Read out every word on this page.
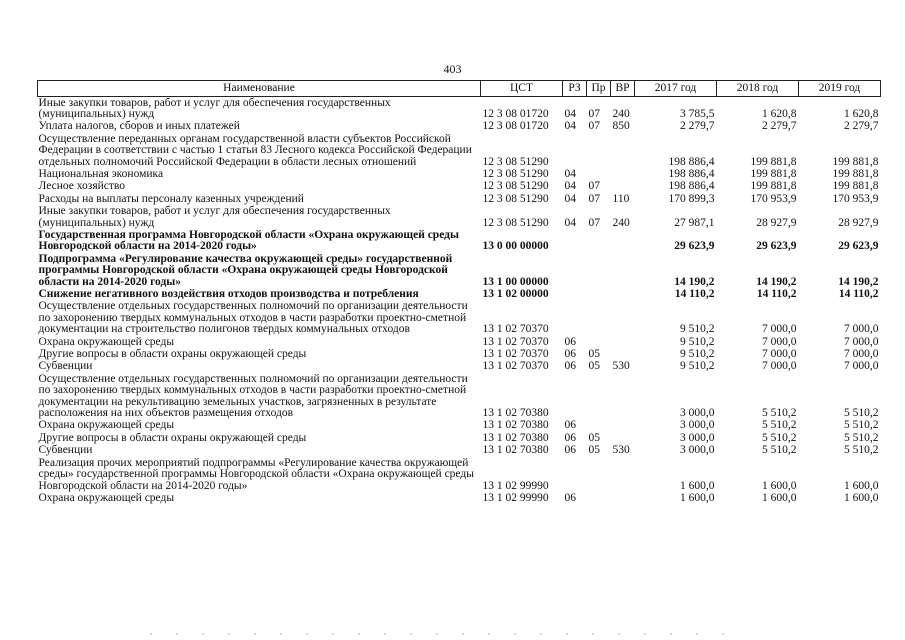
403
Наименование	ЦСТ	РЗ	Пр	ВР	2017 год	2018 год	2019 год
Иные закупки товаров, работ и услуг для обеспечения государственных (муниципальных) нужд	12 3 08 01720	04	07	240	3 785,5	1 620,8	1 620,8
Уплата налогов, сборов и иных платежей	12 3 08 01720	04	07	850	2 279,7	2 279,7	2 279,7
Осуществление переданных органам государственной власти субъектов Российской Федерации в соответствии с частью 1 статьи 83 Лесного кодекса Российской Федерации отдельных полномочий Российской Федерации в области лесных отношений	12 3 08 51290				198 886,4	199 881,8	199 881,8
Национальная экономика	12 3 08 51290	04			198 886,4	199 881,8	199 881,8
Лесное хозяйство	12 3 08 51290	04	07		198 886,4	199 881,8	199 881,8
Расходы на выплаты персоналу казенных учреждений	12 3 08 51290	04	07	110	170 899,3	170 953,9	170 953,9
Иные закупки товаров, работ и услуг для обеспечения государственных (муниципальных) нужд	12 3 08 51290	04	07	240	27 987,1	28 927,9	28 927,9
Государственная программа Новгородской области «Охрана окружающей среды Новгородской области на 2014-2020 годы»	13 0 00 00000				29 623,9	29 623,9	29 623,9
Подпрограмма «Регулирование качества окружающей среды» государственной программы Новгородской области «Охрана окружающей среды Новгородской области на 2014-2020 годы»	13 1 00 00000				14 190,2	14 190,2	14 190,2
Снижение негативного воздействия отходов производства и потребления	13 1 02 00000				14 110,2	14 110,2	14 110,2
Осуществление отдельных государственных полномочий по организации деятельности по захоронению твердых коммунальных отходов в части разработки проектно-сметной документации на строительство полигонов твердых коммунальных отходов	13 1 02 70370				9 510,2	7 000,0	7 000,0
Охрана окружающей среды	13 1 02 70370	06			9 510,2	7 000,0	7 000,0
Другие вопросы в области охраны окружающей среды	13 1 02 70370	06	05		9 510,2	7 000,0	7 000,0
Субвенции	13 1 02 70370	06	05	530	9 510,2	7 000,0	7 000,0
Осуществление отдельных государственных полномочий по организации деятельности по захоронению твердых коммунальных отходов в части разработки проектно-сметной документации на рекультивацию земельных участков, загрязненных в результате расположения на них объектов размещения отходов	13 1 02 70380				3 000,0	5 510,2	5 510,2
Охрана окружающей среды	13 1 02 70380	06			3 000,0	5 510,2	5 510,2
Другие вопросы в области охраны окружающей среды	13 1 02 70380	06	05		3 000,0	5 510,2	5 510,2
Субвенции	13 1 02 70380	06	05	530	3 000,0	5 510,2	5 510,2
Реализация прочих мероприятий подпрограммы «Регулирование качества окружающей среды» государственной программы Новгородской области «Охрана окружающей среды Новгородской области на 2014-2020 годы»	13 1 02 99990				1 600,0	1 600,0	1 600,0
Охрана окружающей среды	13 1 02 99990	06			1 600,0	1 600,0	1 600,0
